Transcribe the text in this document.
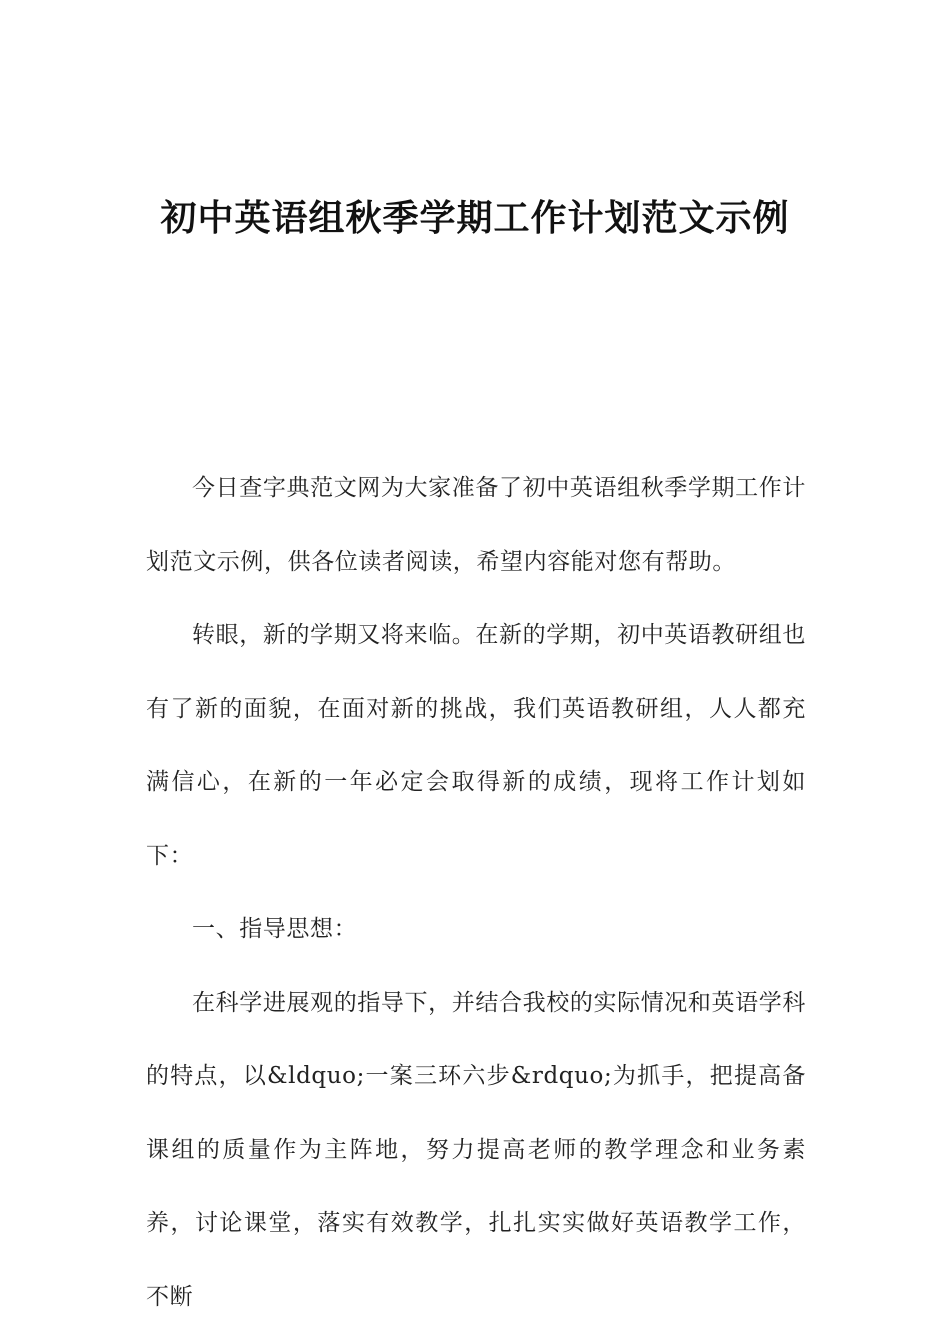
初中英语组秋季学期工作计划范文示例

今日查字典范文网为大家准备了初中英语组秋季学期工作计划范文示例，供各位读者阅读，希望内容能对您有帮助。

转眼，新的学期又将来临。在新的学期，初中英语教研组也有了新的面貌，在面对新的挑战，我们英语教研组，人人都充满信心，在新的一年必定会取得新的成绩，现将工作计划如下：

一、指导思想：

在科学进展观的指导下，并结合我校的实际情况和英语学科的特点，以&ldquo;一案三环六步&rdquo;为抓手，把提高备课组的质量作为主阵地，努力提高老师的教学理念和业务素养，讨论课堂，落实有效教学，扎扎实实做好英语教学工作，不断
